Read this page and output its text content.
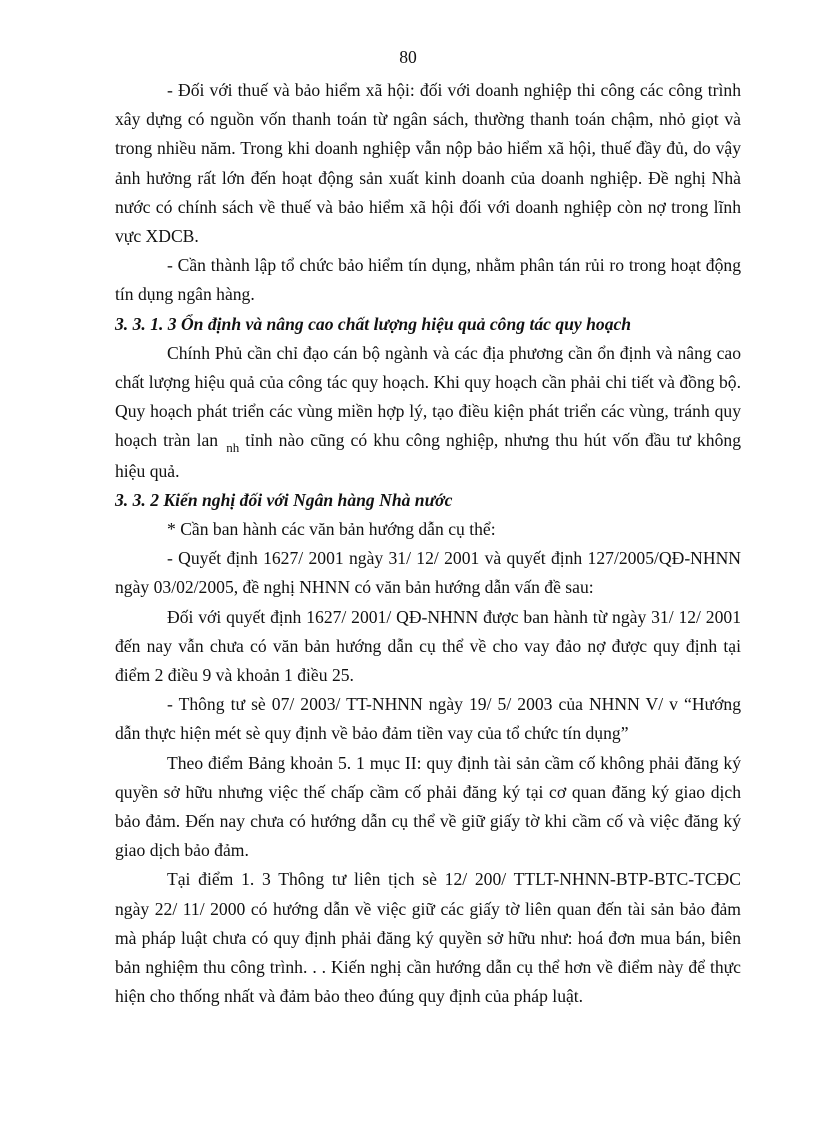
80

- Đối với thuế và bảo hiểm xã hội: đối với doanh nghiệp thi công các công trình xây dựng có nguồn vốn thanh toán từ ngân sách, thường thanh toán chậm, nhỏ giọt và trong nhiều năm. Trong khi doanh nghiệp vẫn nộp bảo hiểm xã hội, thuế đầy đủ, do vậy ảnh hưởng rất lớn đến hoạt động sản xuất kinh doanh của doanh nghiệp. Đề nghị Nhà nước có chính sách về thuế và bảo hiểm xã hội đối với doanh nghiệp còn nợ trong lĩnh vực XDCB.

- Cần thành lập tổ chức bảo hiểm tín dụng, nhằm phân tán rủi ro trong hoạt động tín dụng ngân hàng.

3. 3. 1. 3 Ổn định và nâng cao chất lượng hiệu quả công tác quy hoạch

Chính Phủ cần chỉ đạo cán bộ ngành và các địa phương cần ổn định và nâng cao chất lượng hiệu quả của công tác quy hoạch. Khi quy hoạch cần phải chi tiết và đồng bộ. Quy hoạch phát triển các vùng miền hợp lý, tạo điều kiện phát triển các vùng, tránh quy hoạch tràn lan $_{nh}$ tỉnh nào cũng có khu công nghiệp, nhưng thu hút vốn đầu tư không hiệu quả.

3. 3. 2 Kiến nghị đối với Ngân hàng Nhà nước

* Cần ban hành các văn bản hướng dẫn cụ thể:

- Quyết định 1627/ 2001 ngày 31/ 12/ 2001 và quyết định 127/2005/QĐ-NHNN ngày 03/02/2005, đề nghị NHNN có văn bản hướng dẫn vấn đề sau:

Đối với quyết định 1627/ 2001/ QĐ-NHNN được ban hành từ ngày 31/ 12/ 2001 đến nay vẫn chưa có văn bản hướng dẫn cụ thể về cho vay đảo nợ được quy định tại điểm 2 điều 9 và khoản 1 điều 25.

- Thông tư sè 07/ 2003/ TT-NHNN ngày 19/ 5/ 2003 của NHNN V/ v “Hướng dẫn thực hiện mét sè quy định về bảo đảm tiền vay của tổ chức tín dụng”

Theo điểm Bảng khoản 5. 1 mục II: quy định tài sản cầm cố không phải đăng ký quyền sở hữu nhưng việc thế chấp cầm cố phải đăng ký tại cơ quan đăng ký giao dịch bảo đảm. Đến nay chưa có hướng dẫn cụ thể về giữ giấy tờ khi cầm cố và việc đăng ký giao dịch bảo đảm.

Tại điểm 1. 3 Thông tư liên tịch sè 12/ 200/ TTLT-NHNN-BTP-BTC-TCĐC ngày 22/ 11/ 2000 có hướng dẫn về việc giữ các giấy tờ liên quan đến tài sản bảo đảm mà pháp luật chưa có quy định phải đăng ký quyền sở hữu như: hoá đơn mua bán, biên bản nghiệm thu công trình. . . Kiến nghị cần hướng dẫn cụ thể hơn về điểm này để thực hiện cho thống nhất và đảm bảo theo đúng quy định của pháp luật.
